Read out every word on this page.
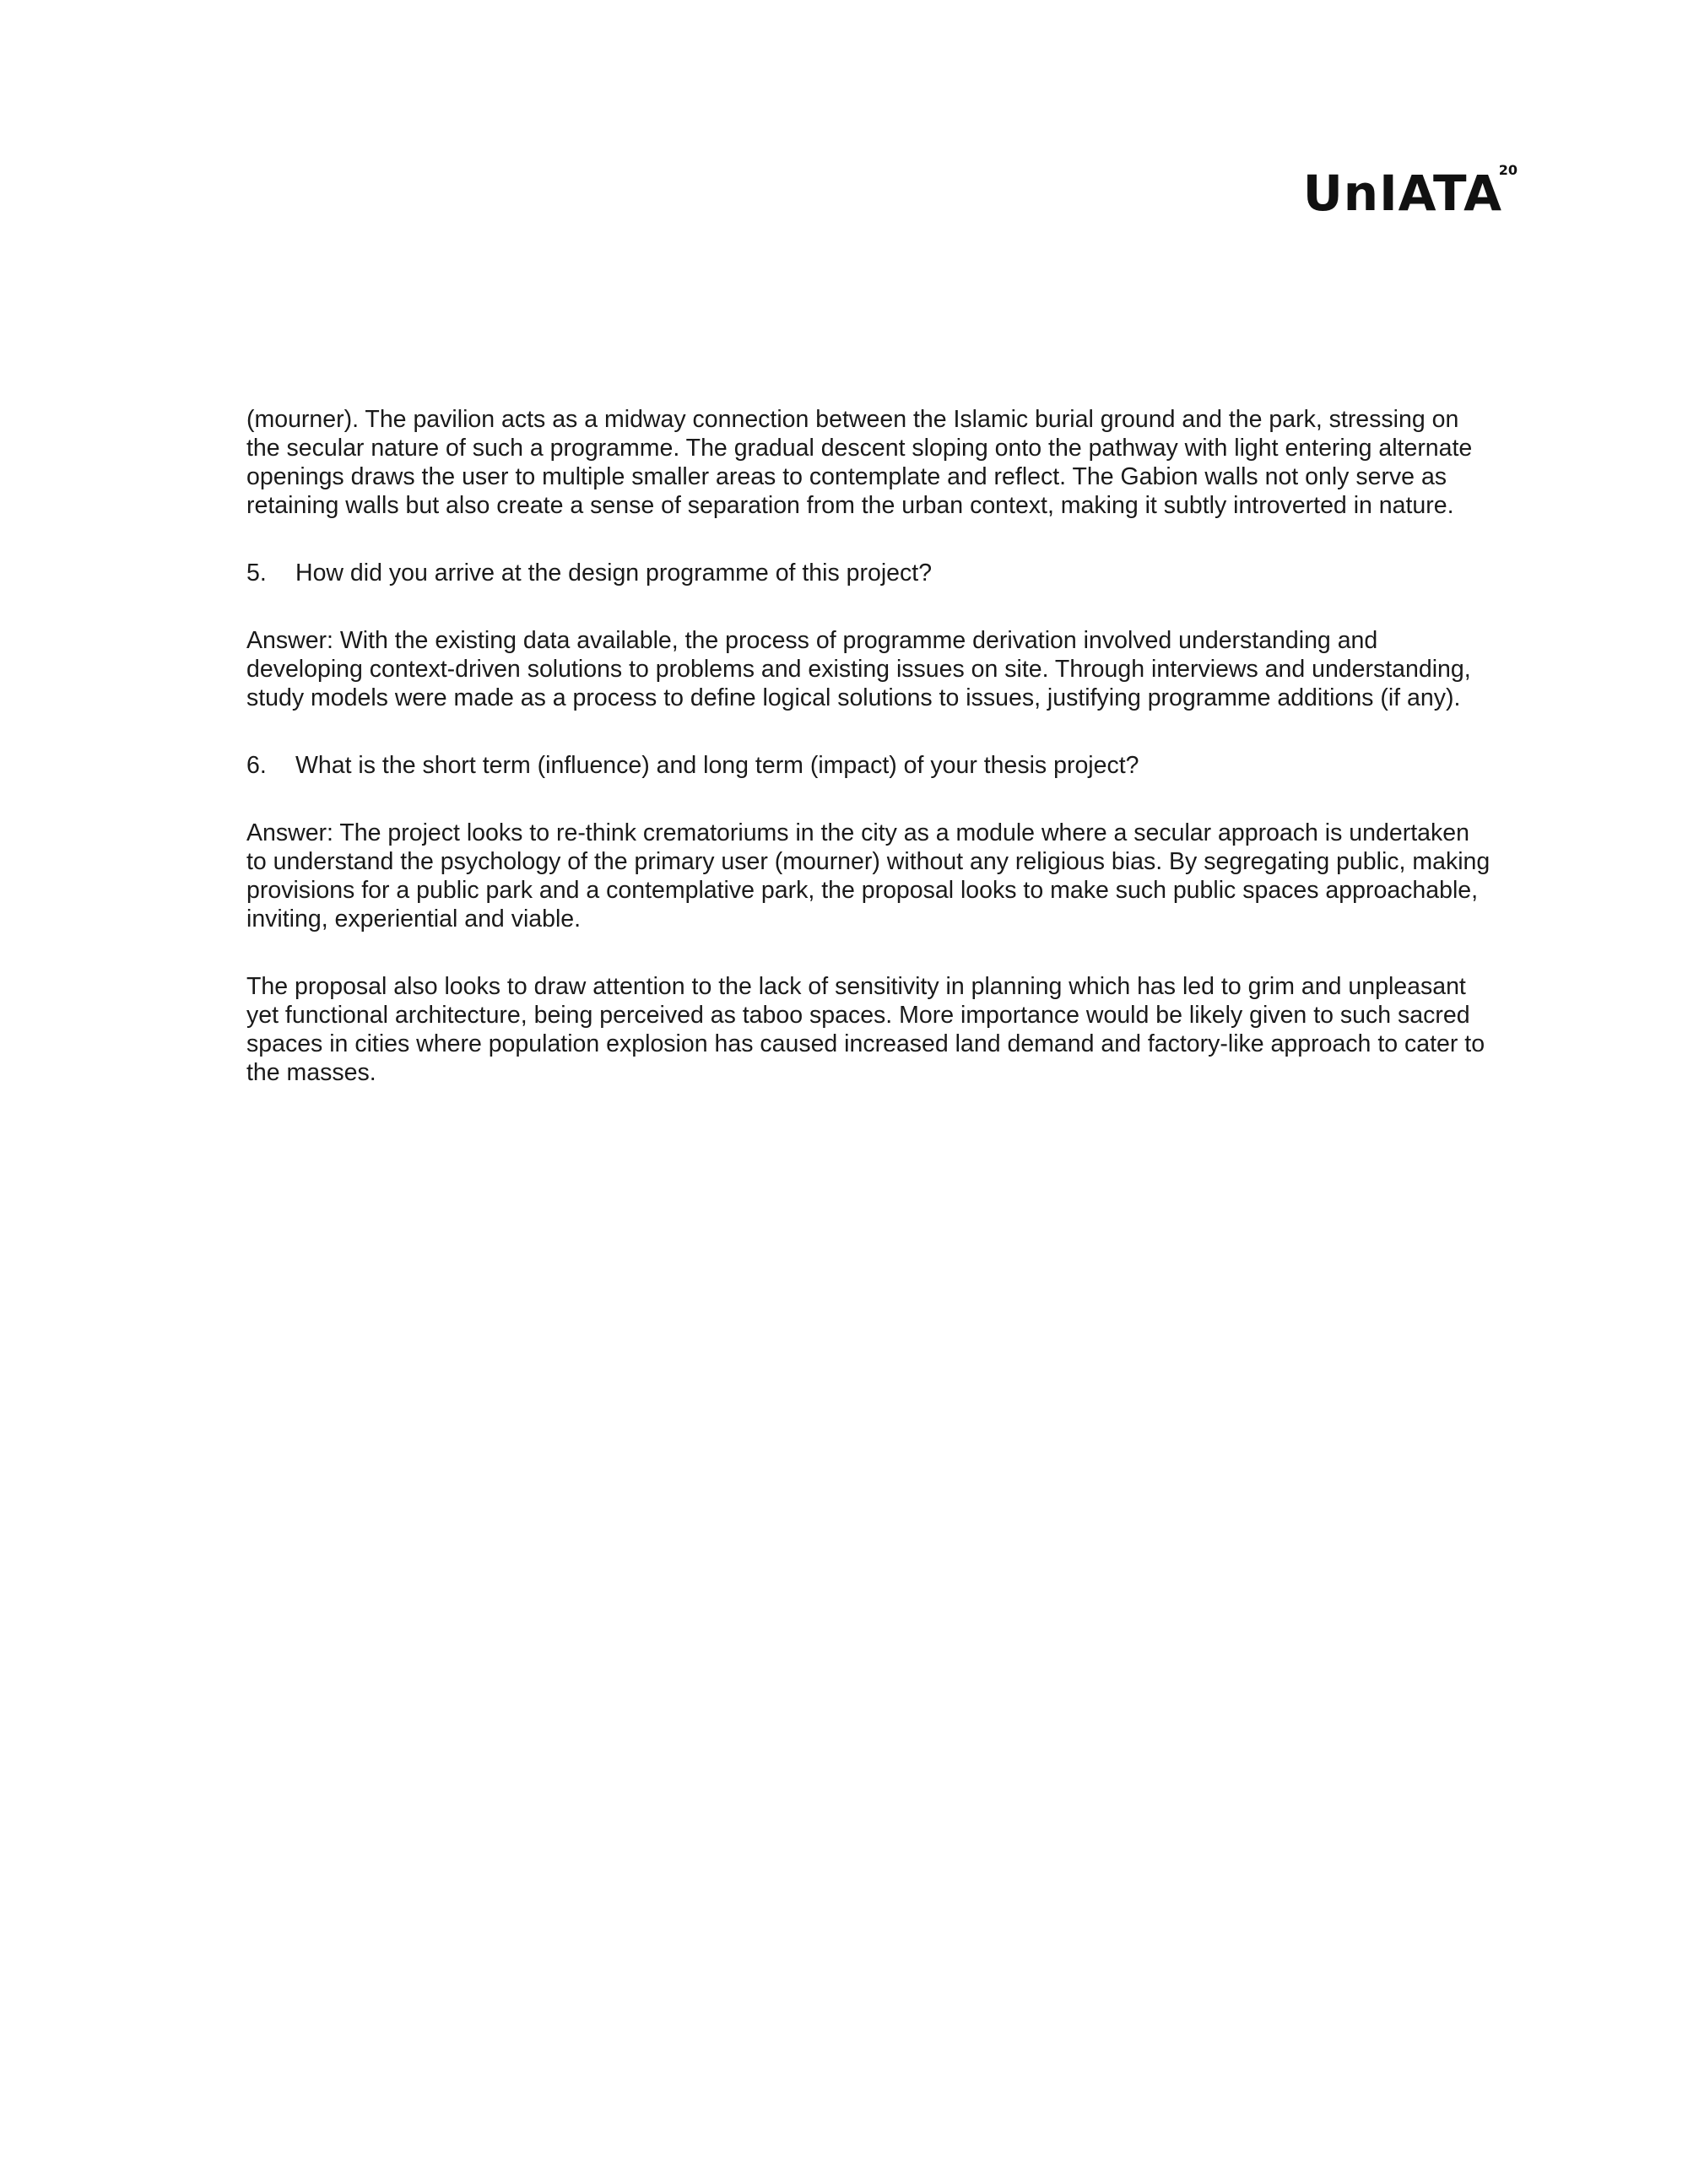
UnIATA
20

(mourner). The pavilion acts as a midway connection between the Islamic burial ground and the park, stressing on the secular nature of such a programme. The gradual descent sloping onto the pathway with light entering alternate openings draws the user to multiple smaller areas to contemplate and reflect. The Gabion walls not only serve as retaining walls but also create a sense of separation from the urban context, making it subtly introverted in nature.

5.	How did you arrive at the design programme of this project?

Answer: With the existing data available, the process of programme derivation involved understanding and developing context-driven solutions to problems and existing issues on site. Through interviews and understanding, study models were made as a process to define logical solutions to issues, justifying programme additions (if any).

6.	What is the short term (influence) and long term (impact) of your thesis project?

Answer: The project looks to re-think crematoriums in the city as a module where a secular approach is undertaken to understand the psychology of the primary user (mourner) without any religious bias. By segregating public, making provisions for a public park and a contemplative park, the proposal looks to make such public spaces approachable, inviting, experiential and viable.

The proposal also looks to draw attention to the lack of sensitivity in planning which has led to grim and unpleasant yet functional architecture, being perceived as taboo spaces. More importance would be likely given to such sacred spaces in cities where population explosion has caused increased land demand and factory-like approach to cater to the masses.
